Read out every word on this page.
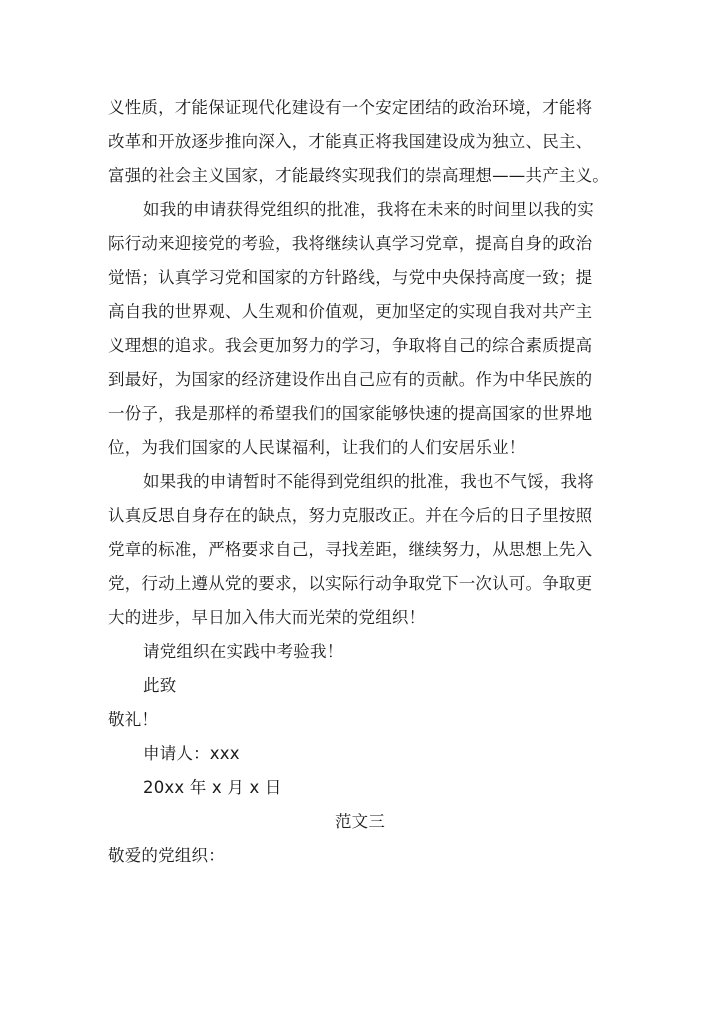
义性质，才能保证现代化建设有一个安定团结的政治环境，才能将
改革和开放逐步推向深入，才能真正将我国建设成为独立、民主、
富强的社会主义国家，才能最终实现我们的崇高理想——共产主义。
如我的申请获得党组织的批准，我将在未来的时间里以我的实
际行动来迎接党的考验，我将继续认真学习党章，提高自身的政治
觉悟；认真学习党和国家的方针路线，与党中央保持高度一致；提
高自我的世界观、人生观和价值观，更加坚定的实现自我对共产主
义理想的追求。我会更加努力的学习，争取将自己的综合素质提高
到最好，为国家的经济建设作出自己应有的贡献。作为中华民族的
一份子，我是那样的希望我们的国家能够快速的提高国家的世界地
位，为我们国家的人民谋福利，让我们的人们安居乐业！
如果我的申请暂时不能得到党组织的批准，我也不气馁，我将
认真反思自身存在的缺点，努力克服改正。并在今后的日子里按照
党章的标准，严格要求自己，寻找差距，继续努力，从思想上先入
党，行动上遵从党的要求，以实际行动争取党下一次认可。争取更
大的进步，早日加入伟大而光荣的党组织！
请党组织在实践中考验我！
此致
敬礼！
申请人：xxx
20xx 年 x 月 x 日
范文三
敬爱的党组织：
